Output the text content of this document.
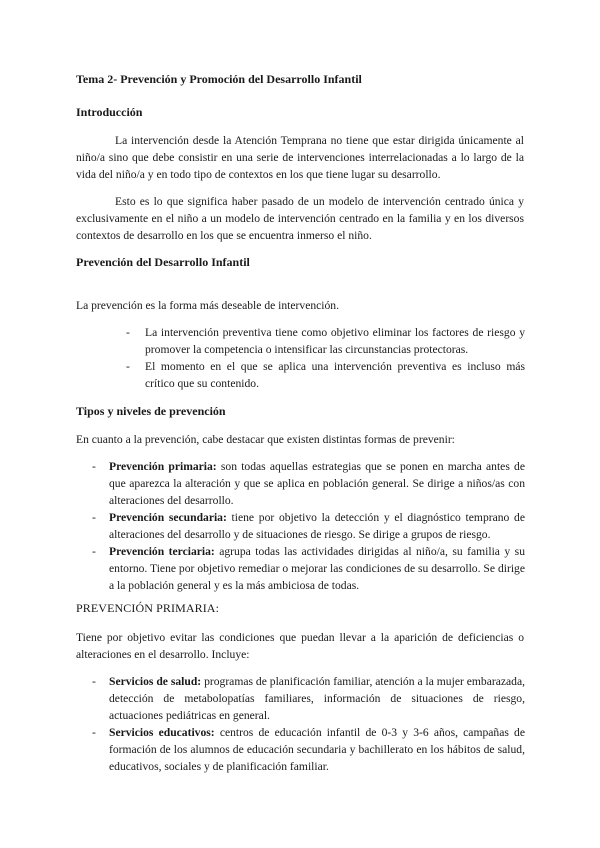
Tema 2- Prevención y Promoción del Desarrollo Infantil

Introducción

La intervención desde la Atención Temprana no tiene que estar dirigida únicamente al niño/a sino que debe consistir en una serie de intervenciones interrelacionadas a lo largo de la vida del niño/a y en todo tipo de contextos en los que tiene lugar su desarrollo.

Esto es lo que significa haber pasado de un modelo de intervención centrado única y exclusivamente en el niño a un modelo de intervención centrado en la familia y en los diversos contextos de desarrollo en los que se encuentra inmerso el niño.

Prevención del Desarrollo Infantil

La prevención es la forma más deseable de intervención.

- La intervención preventiva tiene como objetivo eliminar los factores de riesgo y promover la competencia o intensificar las circunstancias protectoras.
- El momento en el que se aplica una intervención preventiva es incluso más crítico que su contenido.

Tipos y niveles de prevención

En cuanto a la prevención, cabe destacar que existen distintas formas de prevenir:

- Prevención primaria: son todas aquellas estrategias que se ponen en marcha antes de que aparezca la alteración y que se aplica en población general. Se dirige a niños/as con alteraciones del desarrollo.
- Prevención secundaria: tiene por objetivo la detección y el diagnóstico temprano de alteraciones del desarrollo y de situaciones de riesgo. Se dirige a grupos de riesgo.
- Prevención terciaria: agrupa todas las actividades dirigidas al niño/a, su familia y su entorno. Tiene por objetivo remediar o mejorar las condiciones de su desarrollo. Se dirige a la población general y es la más ambiciosa de todas.

PREVENCIÓN PRIMARIA:

Tiene por objetivo evitar las condiciones que puedan llevar a la aparición de deficiencias o alteraciones en el desarrollo. Incluye:

- Servicios de salud: programas de planificación familiar, atención a la mujer embarazada, detección de metabolopatías familiares, información de situaciones de riesgo, actuaciones pediátricas en general.
- Servicios educativos: centros de educación infantil de 0-3 y 3-6 años, campañas de formación de los alumnos de educación secundaria y bachillerato en los hábitos de salud, educativos, sociales y de planificación familiar.
